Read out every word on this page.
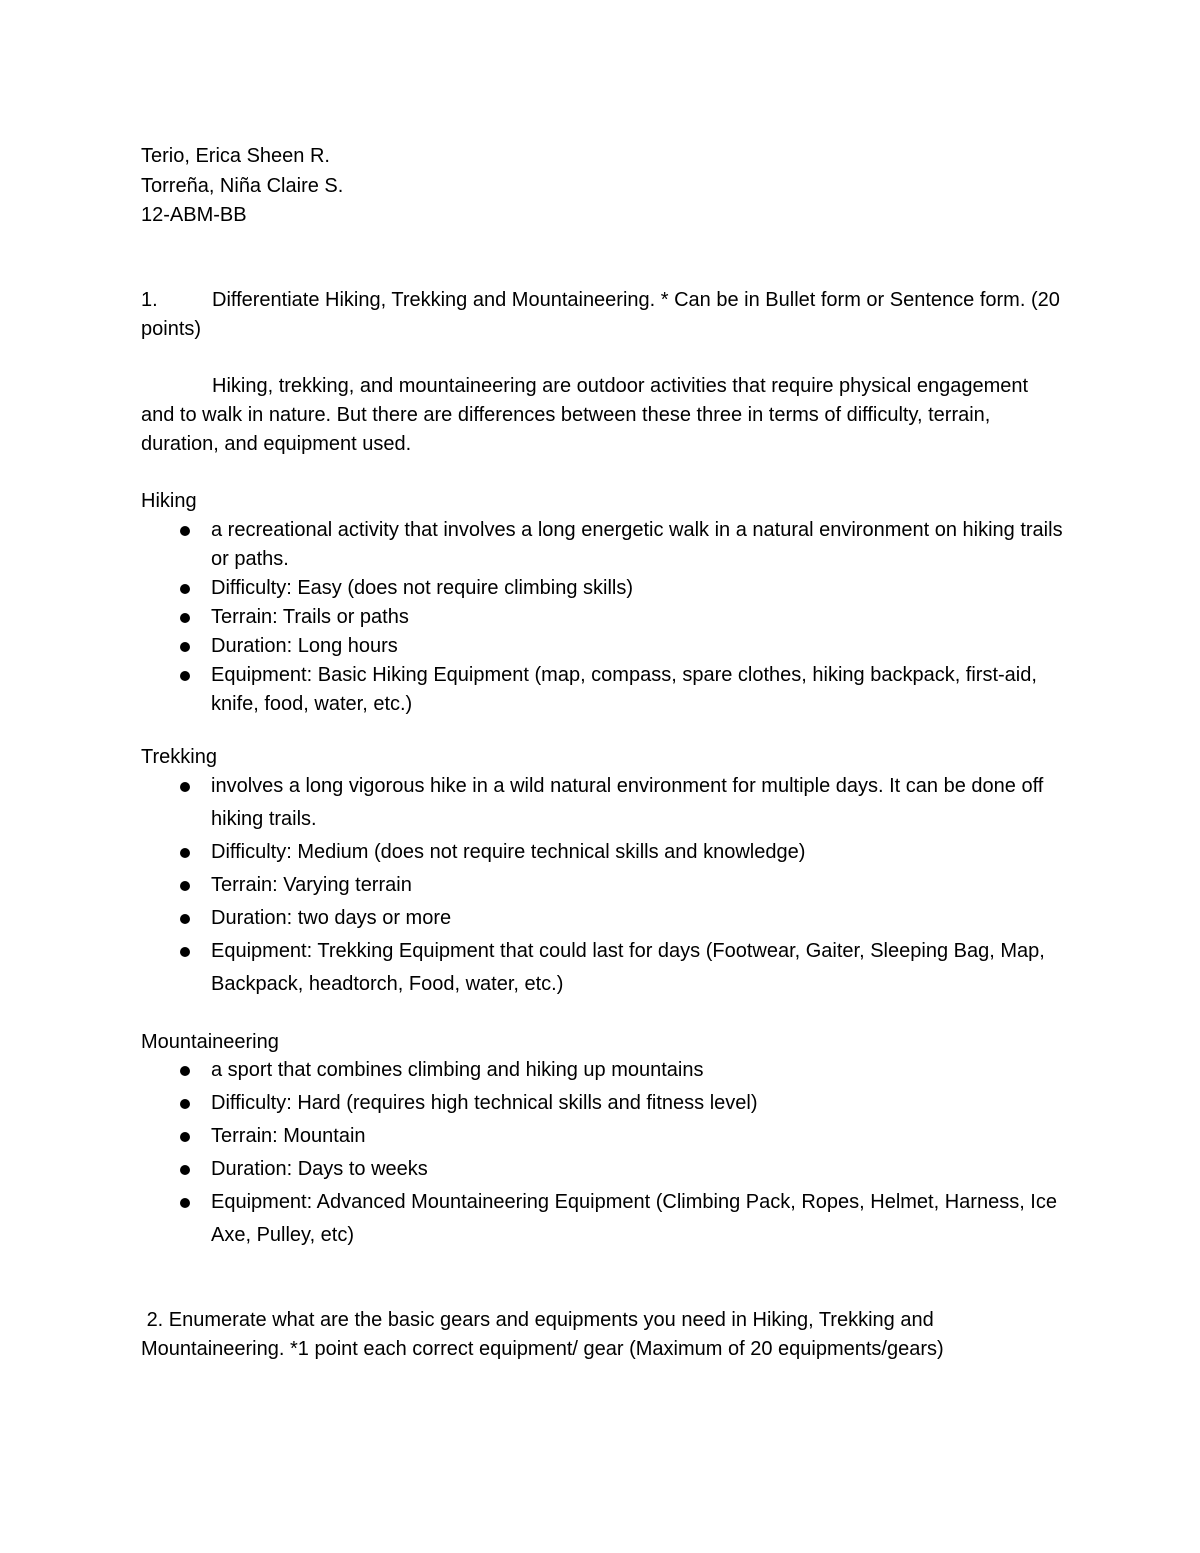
Terio, Erica Sheen R.
Torreña, Niña Claire S.
12-ABM-BB
1.	Differentiate Hiking, Trekking and Mountaineering. * Can be in Bullet form or Sentence form. (20 points)
Hiking, trekking, and mountaineering are outdoor activities that require physical engagement and to walk in nature. But there are differences between these three in terms of difficulty, terrain, duration, and equipment used.
Hiking
a recreational activity that involves a long energetic walk in a natural environment on hiking trails or paths.
Difficulty: Easy (does not require climbing skills)
Terrain: Trails or paths
Duration: Long hours
Equipment: Basic Hiking Equipment (map, compass, spare clothes, hiking backpack, first-aid, knife, food, water, etc.)
Trekking
involves a long vigorous hike in a wild natural environment for multiple days. It can be done off hiking trails.
Difficulty: Medium (does not require technical skills and knowledge)
Terrain: Varying terrain
Duration: two days or more
Equipment: Trekking Equipment that could last for days (Footwear, Gaiter, Sleeping Bag, Map, Backpack, headtorch, Food, water, etc.)
Mountaineering
a sport that combines climbing and hiking up mountains
Difficulty: Hard (requires high technical skills and fitness level)
Terrain: Mountain
Duration: Days to weeks
Equipment: Advanced Mountaineering Equipment (Climbing Pack, Ropes, Helmet, Harness, Ice Axe, Pulley, etc)
2. Enumerate what are the basic gears and equipments you need in Hiking, Trekking and Mountaineering. *1 point each correct equipment/ gear (Maximum of 20 equipments/gears)
